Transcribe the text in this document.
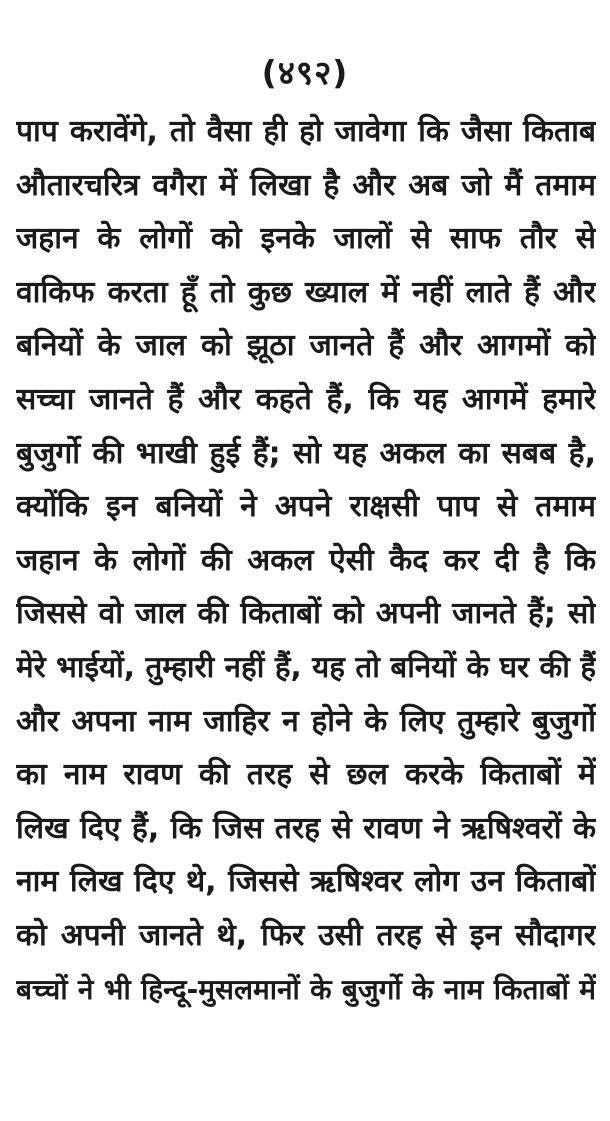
(४९२)
पाप करावेंगे, तो वैसा ही हो जावेगा कि जैसा किताब
औतारचरित्र वगैरा में लिखा है और अब जो मैं तमाम
जहान के लोगों को इनके जालों से साफ तौर से
वाकिफ करता हूँ तो कुछ ख्याल में नहीं लाते हैं और
बनियों के जाल को झूठा जानते हैं और आगमों को
सच्चा जानते हैं और कहते हैं, कि यह आगमें हमारे
बुजुर्गो की भाखी हुई हैं; सो यह अकल का सबब है,
क्योंकि इन बनियों ने अपने राक्षसी पाप से तमाम
जहान के लोगों की अकल ऐसी कैद कर दी है कि
जिससे वो जाल की किताबों को अपनी जानते हैं; सो
मेरे भाईयों, तुम्हारी नहीं हैं, यह तो बनियों के घर की हैं
और अपना नाम जाहिर न होने के लिए तुम्हारे बुजुर्गो
का नाम रावण की तरह से छल करके किताबों में
लिख दिए हैं, कि जिस तरह से रावण ने ऋषिश्वरों के
नाम लिख दिए थे, जिससे ऋषिश्वर लोग उन किताबों
को अपनी जानते थे, फिर उसी तरह से इन सौदागर
बच्चों ने भी हिन्दू-मुसलमानों के बुजुर्गो के नाम किताबों में
